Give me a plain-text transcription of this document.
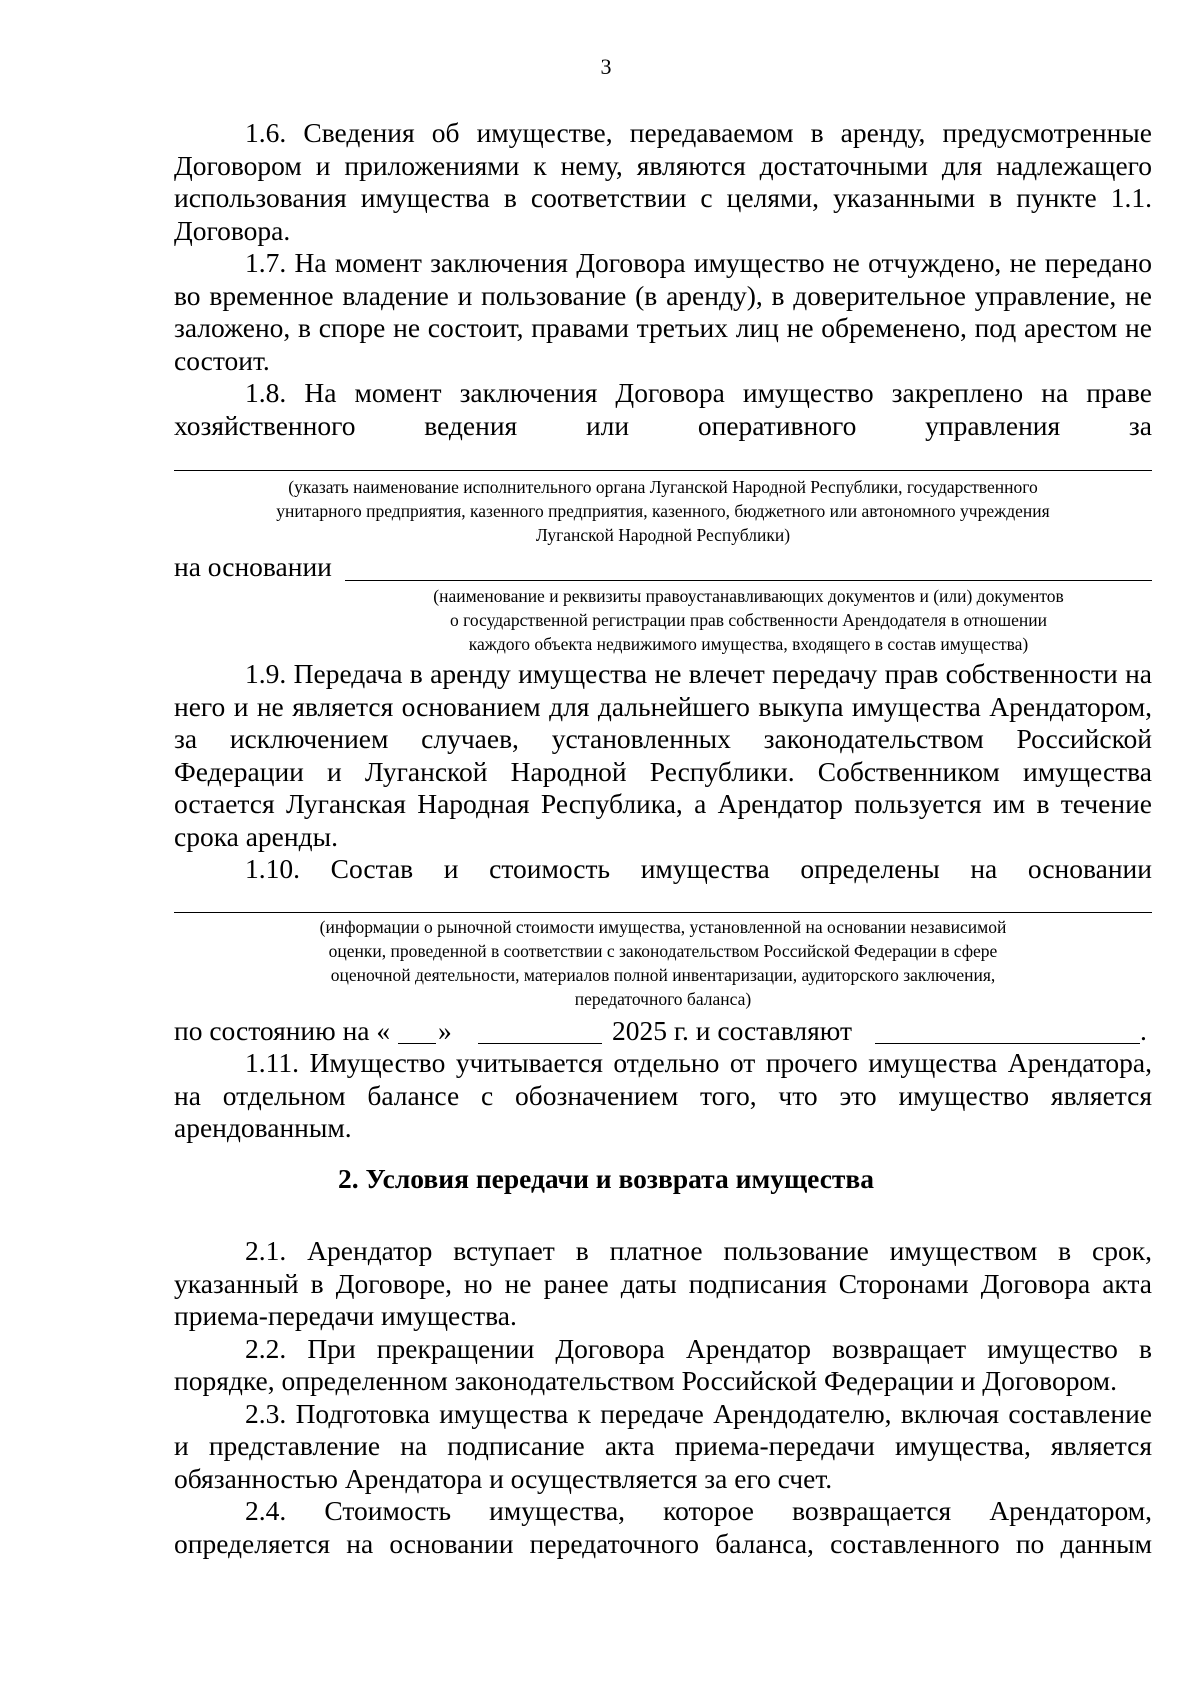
3

1.6. Сведения об имуществе, передаваемом в аренду, предусмотренные Договором и приложениями к нему, являются достаточными для надлежащего использования имущества в соответствии с целями, указанными в пункте 1.1. Договора.

1.7. На момент заключения Договора имущество не отчуждено, не передано во временное владение и пользование (в аренду), в доверительное управление, не заложено, в споре не состоит, правами третьих лиц не обременено, под арестом не состоит.

1.8. На момент заключения Договора имущество закреплено на праве хозяйственного ведения или оперативного управления за

(указать наименование исполнительного органа Луганской Народной Республики, государственного
унитарного предприятия, казенного предприятия, казенного, бюджетного или автономного учреждения
Луганской Народной Республики)
на основании
(наименование и реквизиты правоустанавливающих документов и (или) документов
о государственной регистрации прав собственности Арендодателя в отношении
каждого объекта недвижимого имущества, входящего в состав имущества)

1.9. Передача в аренду имущества не влечет передачу прав собственности на него и не является основанием для дальнейшего выкупа имущества Арендатором, за исключением случаев, установленных законодательством Российской Федерации и Луганской Народной Республики. Собственником имущества остается Луганская Народная Республика, а Арендатор пользуется им в течение срока аренды.

1.10. Состав и стоимость имущества определены на основании

(информации о рыночной стоимости имущества, установленной на основании независимой
оценки, проведенной в соответствии с законодательством Российской Федерации в сфере
оценочной деятельности, материалов полной инвентаризации, аудиторского заключения,
передаточного баланса)
по состоянию на « »	2025 г. и составляют	.

1.11. Имущество учитывается отдельно от прочего имущества Арендатора, на отдельном балансе с обозначением того, что это имущество является арендованным.

2. Условия передачи и возврата имущества

2.1. Арендатор вступает в платное пользование имуществом в срок, указанный в Договоре, но не ранее даты подписания Сторонами Договора акта приема-передачи имущества.

2.2. При прекращении Договора Арендатор возвращает имущество в порядке, определенном законодательством Российской Федерации и Договором.

2.3. Подготовка имущества к передаче Арендодателю, включая составление и представление на подписание акта приема-передачи имущества, является обязанностью Арендатора и осуществляется за его счет.

2.4. Стоимость имущества, которое возвращается Арендатором, определяется на основании передаточного баланса, составленного по данным
